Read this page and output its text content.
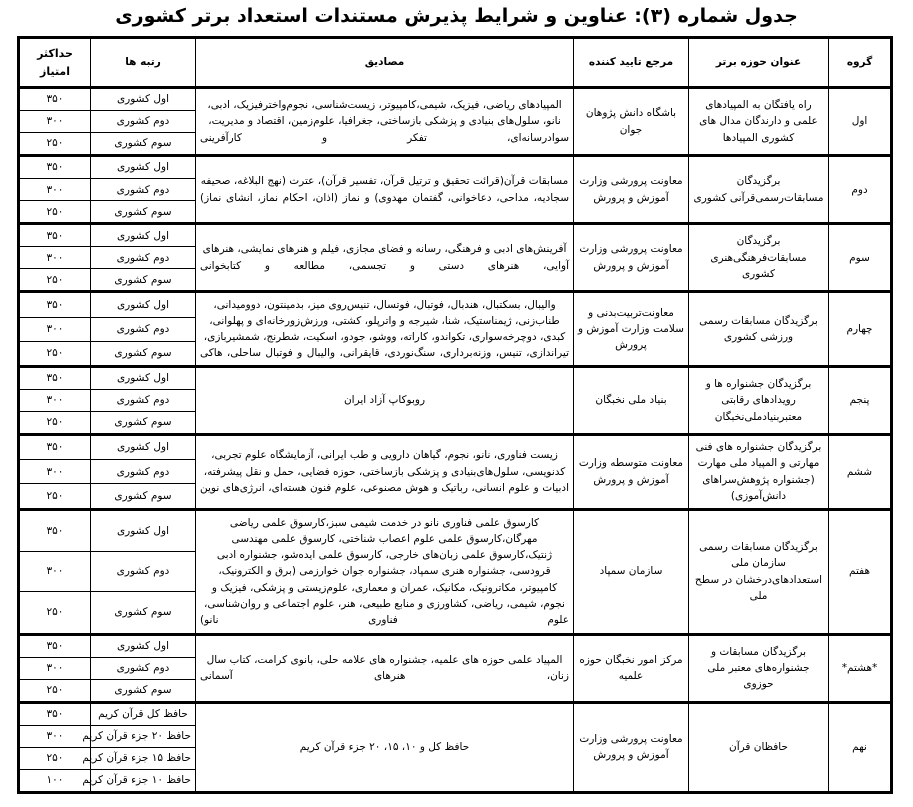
جدول شماره (۳): عناوین و شرایط پذیرش مستندات استعداد برتر کشوری
گروه	عنوان حوزه برتر	مرجع تایید کننده	مصادیق	رتبه ها	حداکثر امتیاز
اول	راه یافتگان به المپیادهای علمی و دارندگان مدال های کشوری المپیادها	باشگاه دانش پژوهان جوان	المپیادهای ریاضی، فیزیک، شیمی،کامپیوتر، زیست‌شناسی، نجوم‌واخترفیزیک، ادبی، نانو، سلول‌های بنیادی و پزشکی بازساختی، جغرافیا، علوم‌زمین، اقتصاد و مدیریت، سوادرسانه‌ای، تفکر و کارآفرینی	اول کشوری	۳۵۰
				دوم کشوری	۳۰۰
				سوم کشوری	۲۵۰
دوم	برگزیدگان مسابقات‌رسمی‌قرآنی کشوری	معاونت پرورشی وزارت آموزش و پرورش	مسابقات قرآن(قرائت تحقیق و ترتیل قرآن، تفسیر قرآن)، عترت (نهج البلاغه، صحیفه سجادیه، مداحی، دعاخوانی، گفتمان مهدوی) و نماز (اذان، احکام نماز، انشای نماز)	اول کشوری	۳۵۰
				دوم کشوری	۳۰۰
				سوم کشوری	۲۵۰
سوم	برگزیدگان مسابقات‌فرهنگی‌هنری کشوری	معاونت پرورشی وزارت آموزش و پرورش	آفرینش‌های ادبی و فرهنگی، رسانه و فضای مجازی، فیلم و هنرهای نمایشی، هنرهای آوایی، هنرهای دستی و تجسمی، مطالعه و کتابخوانی	اول کشوری	۳۵۰
				دوم کشوری	۳۰۰
				سوم کشوری	۲۵۰
چهارم	برگزیدگان مسابقات رسمی ورزشی کشوری	معاونت‌تربیت‌بدنی و سلامت وزارت آموزش و پرورش	والیبال، بسکتبال، هندبال، فوتبال، فوتسال، تنیس‌روی میز، بدمینتون، دوومیدانی، طناب‌زنی، ژیمناستیک، شنا، شیرجه و واترپلو، کشتی، ورزش‌زورخانه‌ای و پهلوانی، کبدی، دوچرخه‌سواری، تکواندو، کاراته، ووشو، جودو، اسکیت، شطرنج، شمشیربازی، تیراندازی، تنیس، وزنه‌برداری، سنگ‌نوردی، قایقرانی، والیبال و فوتبال ساحلی، هاکی	اول کشوری	۳۵۰
				دوم کشوری	۳۰۰
				سوم کشوری	۲۵۰
پنجم	برگزیدگان جشنواره ها و رویدادهای رقابتی معتبربنیادملی‌نخبگان	بنیاد ملی نخبگان	روبوکاپ آزاد ایران	اول کشوری	۳۵۰
				دوم کشوری	۳۰۰
				سوم کشوری	۲۵۰
ششم	برگزیدگان جشنواره های فنی مهارتی و المپیاد ملی مهارت (جشنواره پژوهش‌سراهای دانش‌آموزی)	معاونت متوسطه وزارت آموزش و پرورش	زیست فناوری، نانو، نجوم، گیاهان دارویی و طب ایرانی، آزمایشگاه علوم تجربی، کدنویسی، سلول‌های‌بنیادی و پزشکی بازساختی، حوزه فضایی، حمل و نقل پیشرفته، ادبیات و علوم انسانی، رباتیک و هوش مصنوعی، علوم فنون هسته‌ای، انرژی‌های نوین	اول کشوری	۳۵۰
				دوم کشوری	۳۰۰
				سوم کشوری	۲۵۰
هفتم	برگزیدگان مسابقات رسمی سازمان ملی استعدادهای‌درخشان در سطح ملی	سازمان سمپاد	کارسوق علمی فناوری نانو در خدمت شیمی سبز،کارسوق علمی ریاضی مهرگان،کارسوق علمی علوم اعصاب شناختی، کارسوق علمی مهندسی ژنتیک،کارسوق علمی زبان‌های خارجی، کارسوق علمی ایده‌شو، جشنواره ادبی قرودسی، جشنواره هنری سمپاد، جشنواره جوان خوارزمی (برق و الکترونیک، کامپیوتر، مکاترونیک، مکانیک، عمران و معماری، علوم‌زیستی و پزشکی، فیزیک و نجوم، شیمی، ریاضی، کشاورزی و منابع طبیعی، هنر، علوم اجتماعی و روان‌شناسی، علوم فناوری نانو)	اول کشوری	۳۵۰
				دوم کشوری	۳۰۰
				سوم کشوری	۲۵۰
*هشتم*	برگزیدگان مسابقات و جشنواره‌های معتبر ملی حوزوی	مرکز امور نخبگان حوزه علمیه	المپیاد علمی حوزه های علمیه، جشنواره های علامه حلی، بانوی کرامت، کتاب سال زنان، هنرهای آسمانی	اول کشوری	۳۵۰
				دوم کشوری	۳۰۰
				سوم کشوری	۲۵۰
نهم	حافظان قرآن	معاونت پرورشی وزارت آموزش و پرورش	حافظ کل و ۱۰، ۱۵، ۲۰ جزء قرآن کریم	حافظ کل قرآن کریم	۳۵۰
				حافظ ۲۰ جزء قرآن کریم	۳۰۰
				حافظ ۱۵ جزء قرآن کریم	۲۵۰
				حافظ ۱۰ جزء قرآن کریم	۱۰۰
